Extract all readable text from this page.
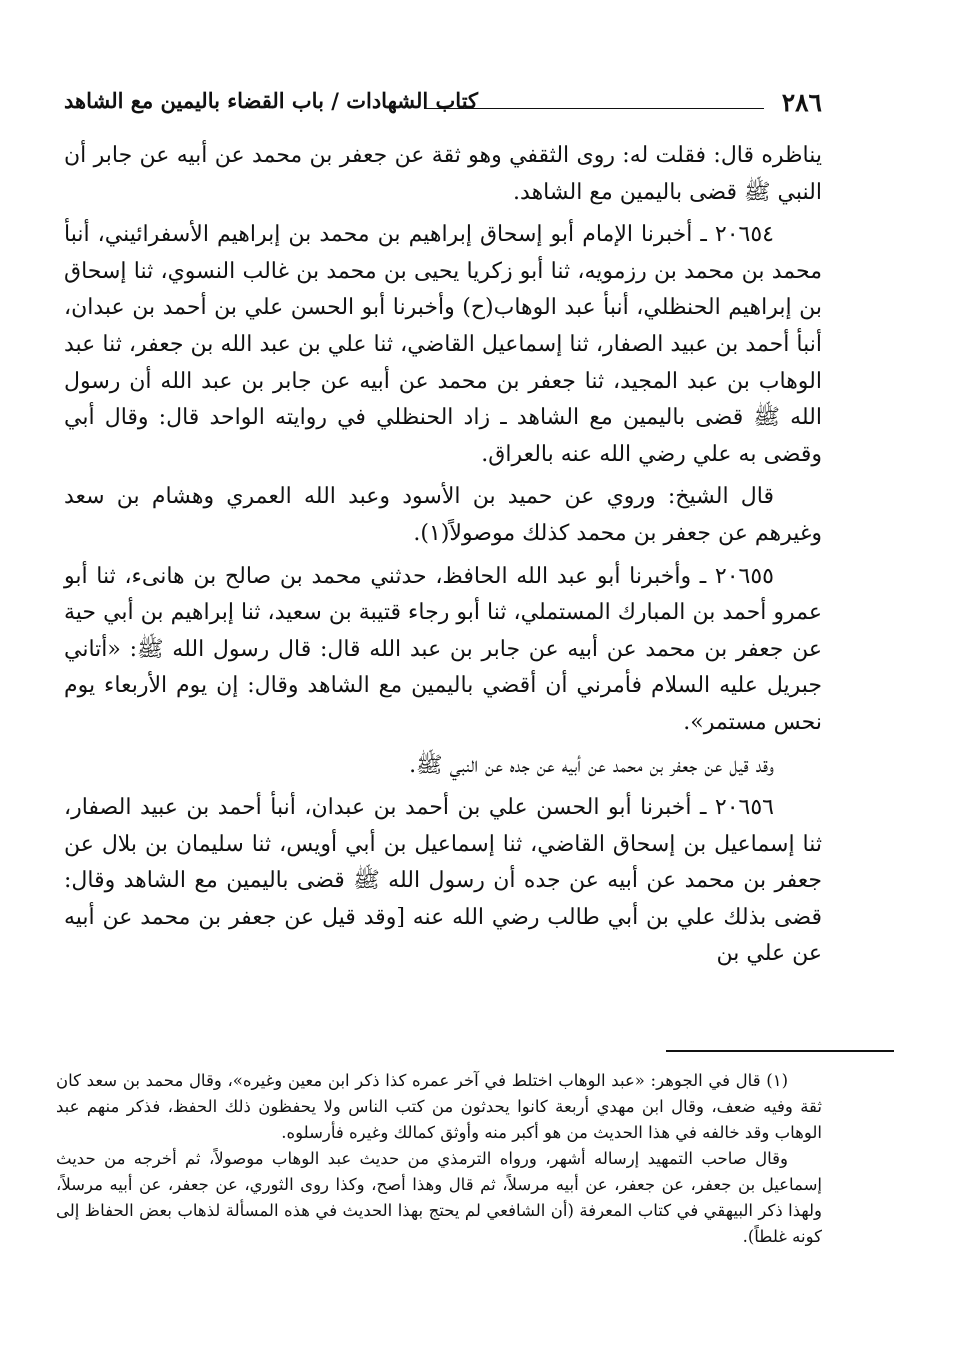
٢٨٦
كتاب الشهادات / باب القضاء باليمين مع الشاهد

يناظره قال: فقلت له: روى الثقفي وهو ثقة عن جعفر بن محمد عن أبيه عن جابر أن النبي ﷺ قضى باليمين مع الشاهد.

٢٠٦٥٤ ـ أخبرنا الإمام أبو إسحاق إبراهيم بن محمد بن إبراهيم الأسفرائيني، أنبأ محمد بن محمد بن رزمويه، ثنا أبو زكريا يحيى بن محمد بن غالب النسوي، ثنا إسحاق بن إبراهيم الحنظلي، أنبأ عبد الوهاب(ح) وأخبرنا أبو الحسن علي بن أحمد بن عبدان، أنبأ أحمد بن عبيد الصفار، ثنا إسماعيل القاضي، ثنا علي بن عبد الله بن جعفر، ثنا عبد الوهاب بن عبد المجيد، ثنا جعفر بن محمد عن أبيه عن جابر بن عبد الله أن رسول الله ﷺ قضى باليمين مع الشاهد ـ زاد الحنظلي في روايته الواحد قال: وقال أبي وقضى به علي رضي الله عنه بالعراق.

قال الشيخ: وروي عن حميد بن الأسود وعبد الله العمري وهشام بن سعد وغيرهم عن جعفر بن محمد كذلك موصولاً(١).

٢٠٦٥٥ ـ وأخبرنا أبو عبد الله الحافظ، حدثني محمد بن صالح بن هانىء، ثنا أبو عمرو أحمد بن المبارك المستملي، ثنا أبو رجاء قتيبة بن سعيد، ثنا إبراهيم بن أبي حية عن جعفر بن محمد عن أبيه عن جابر بن عبد الله قال: قال رسول الله ﷺ: «أتاني جبريل عليه السلام فأمرني أن أقضي باليمين مع الشاهد وقال: إن يوم الأربعاء يوم نحس مستمر».

وقد قيل عن جعفر بن محمد عن أبيه عن جده عن النبي ﷺ.

٢٠٦٥٦ ـ أخبرنا أبو الحسن علي بن أحمد بن عبدان، أنبأ أحمد بن عبيد الصفار، ثنا إسماعيل بن إسحاق القاضي، ثنا إسماعيل بن أبي أويس، ثنا سليمان بن بلال عن جعفر بن محمد عن أبيه عن جده أن رسول الله ﷺ قضى باليمين مع الشاهد وقال: قضى بذلك علي بن أبي طالب رضي الله عنه [وقد قيل عن جعفر بن محمد عن أبيه عن علي بن

(١) قال في الجوهر: «عبد الوهاب اختلط في آخر عمره كذا ذكر ابن معين وغيره»، وقال محمد بن سعد كان ثقة وفيه ضعف، وقال ابن مهدي أربعة كانوا يحدثون من كتب الناس ولا يحفظون ذلك الحفظ، فذكر منهم عبد الوهاب وقد خالفه في هذا الحديث من هو أكبر منه وأوثق كمالك وغيره فأرسلوه.

وقال صاحب التمهيد إرساله أشهر، ورواه الترمذي من حديث عبد الوهاب موصولاً، ثم أخرجه من حديث إسماعيل بن جعفر، عن جعفر، عن أبيه مرسلاً، ثم قال وهذا أصح، وكذا روى الثوري، عن جعفر، عن أبيه مرسلاً، ولهذا ذكر البيهقي في كتاب المعرفة (أن الشافعي لم يحتج بهذا الحديث في هذه المسألة لذهاب بعض الحفاظ إلى كونه غلطاً).
